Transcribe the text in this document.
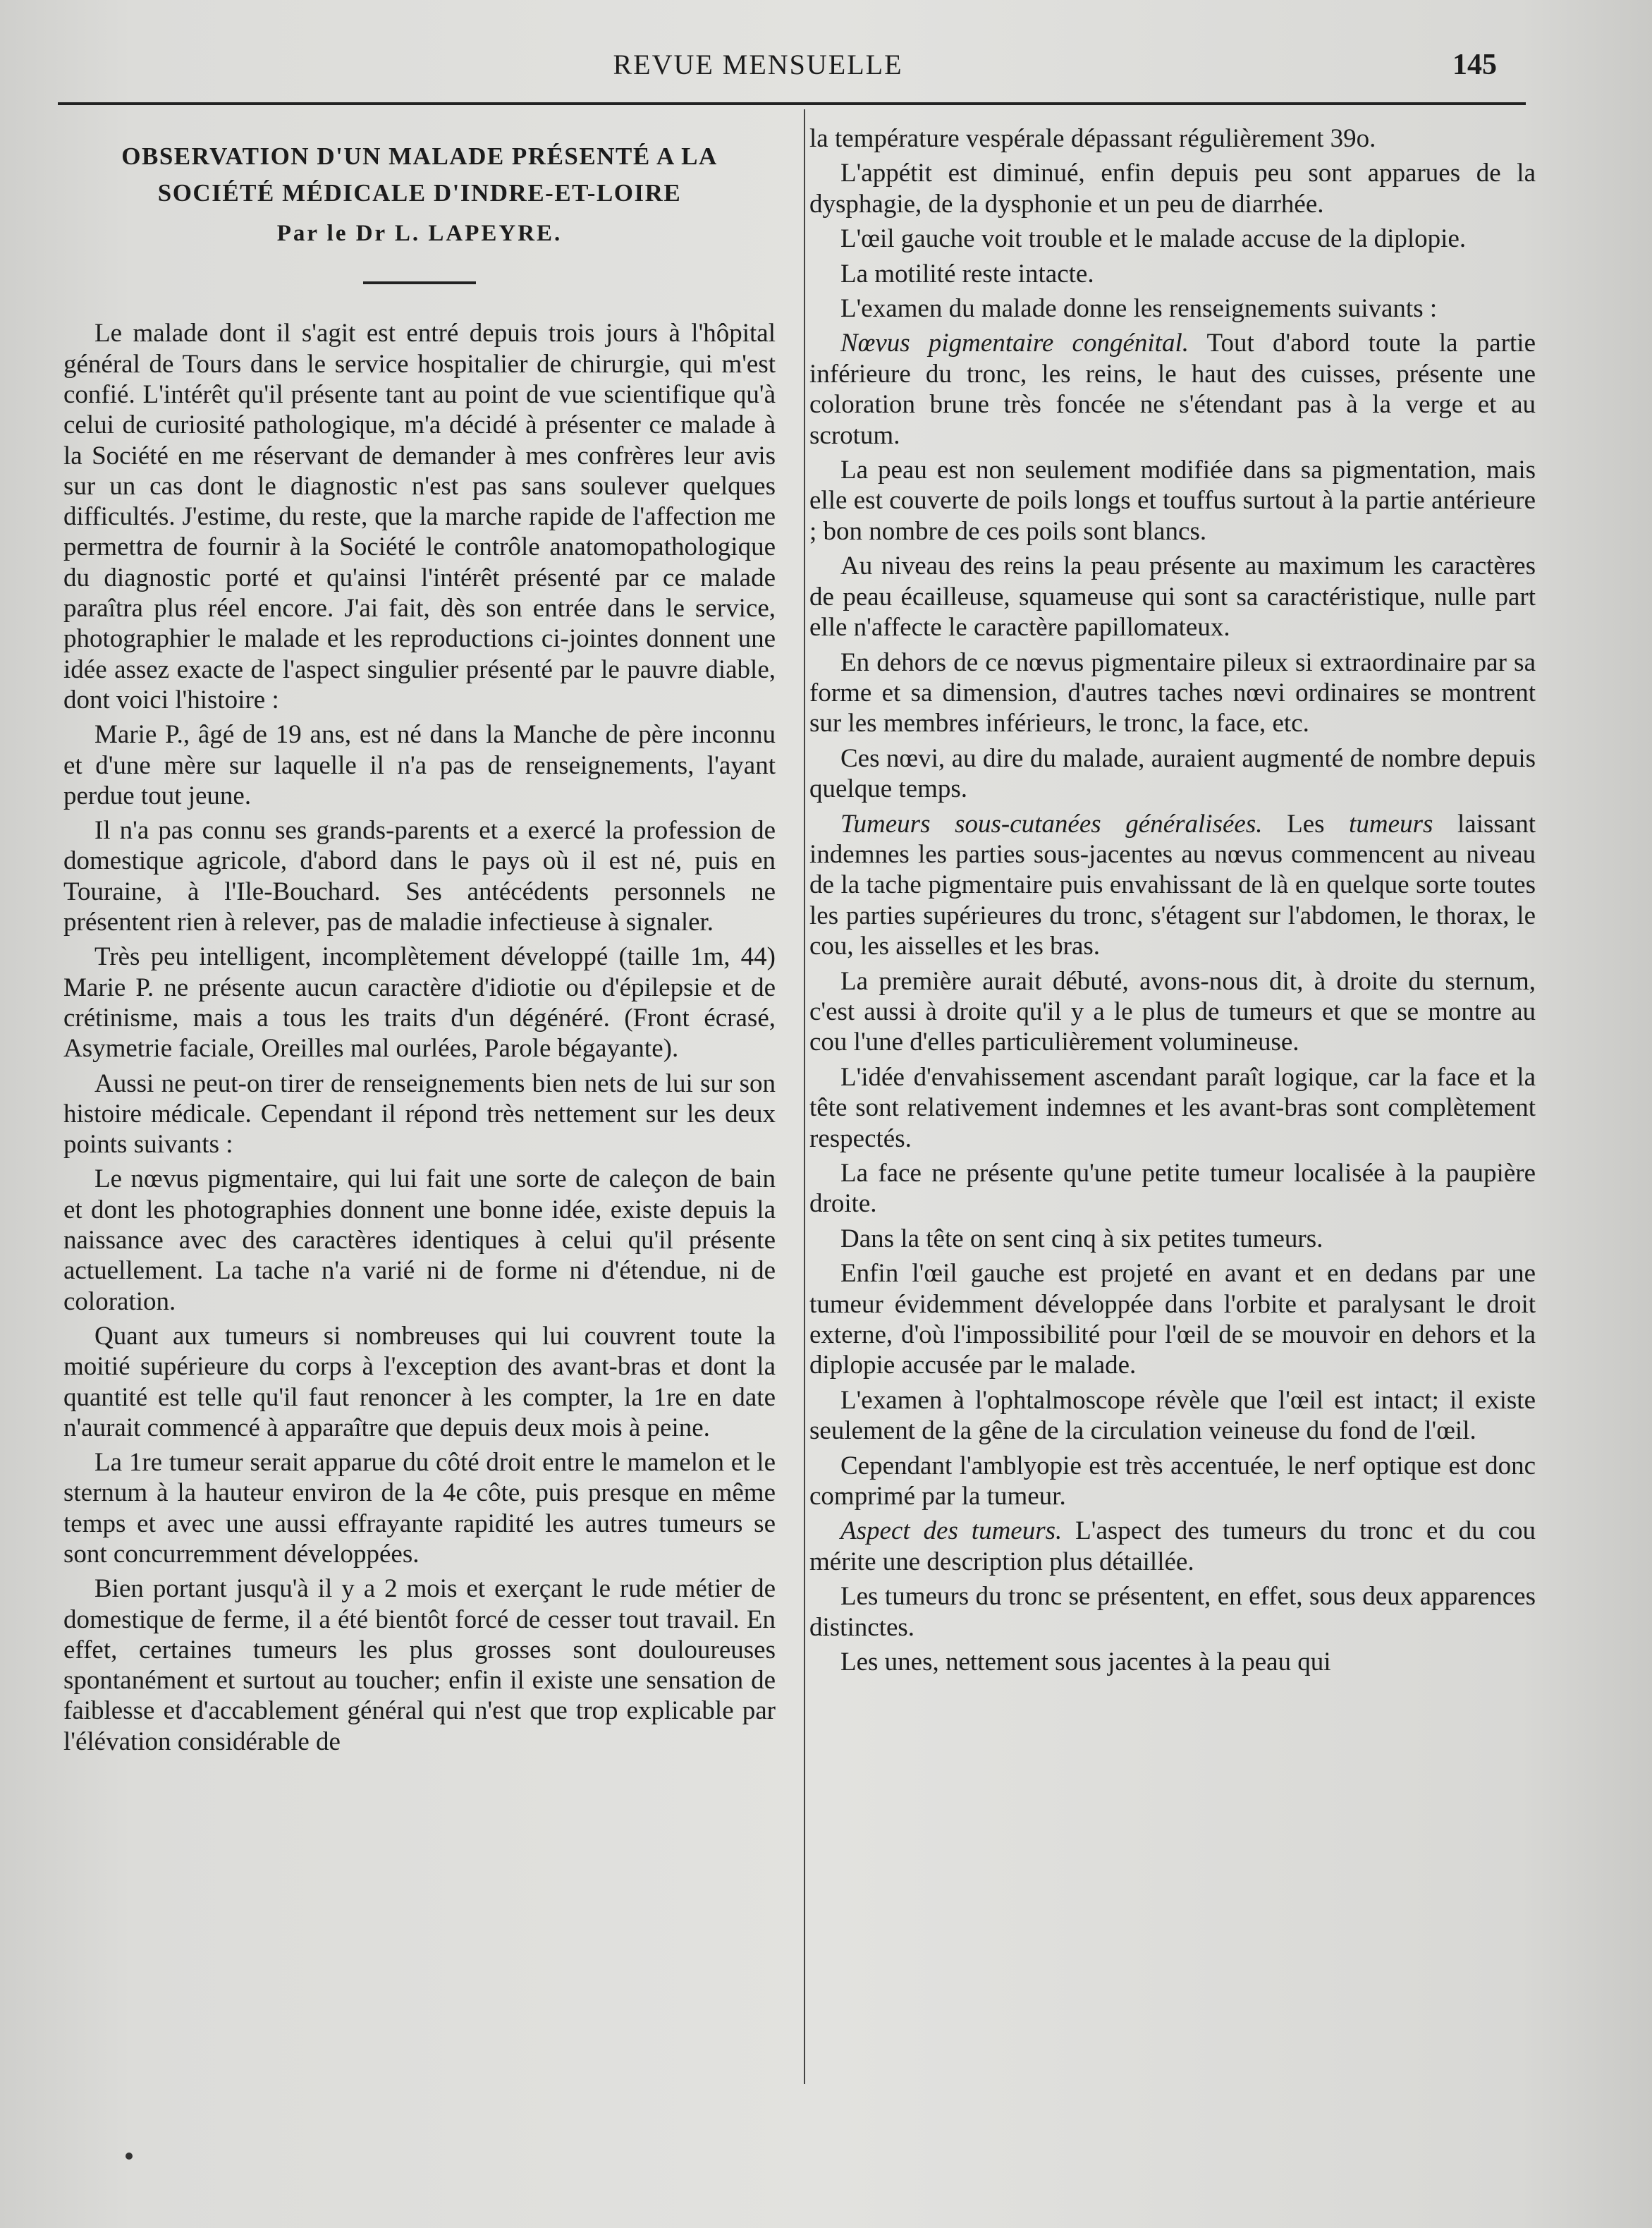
REVUE MENSUELLE	145
OBSERVATION D'UN MALADE PRÉSENTÉ A LA
SOCIÉTÉ MÉDICALE D'INDRE-ET-LOIRE
Par le Dr L. LAPEYRE.

Le malade dont il s'agit est entré depuis trois jours à l'hôpital général de Tours dans le service hospitalier de chirurgie, qui m'est confié. L'intérêt qu'il présente tant au point de vue scientifique qu'à celui de curiosité pathologique, m'a décidé à présenter ce malade à la Société en me réservant de demander à mes confrères leur avis sur un cas dont le diagnostic n'est pas sans soulever quelques difficultés. J'estime, du reste, que la marche rapide de l'affection me permettra de fournir à la Société le contrôle anatomopathologique du diagnostic porté et qu'ainsi l'intérêt présenté par ce malade paraîtra plus réel encore. J'ai fait, dès son entrée dans le service, photographier le malade et les reproductions ci-jointes donnent une idée assez exacte de l'aspect singulier présenté par le pauvre diable, dont voici l'histoire :

Marie P., âgé de 19 ans, est né dans la Manche de père inconnu et d'une mère sur laquelle il n'a pas de renseignements, l'ayant perdue tout jeune.

Il n'a pas connu ses grands-parents et a exercé la profession de domestique agricole, d'abord dans le pays où il est né, puis en Touraine, à l'Ile-Bouchard. Ses antécédents personnels ne présentent rien à relever, pas de maladie infectieuse à signaler.

Très peu intelligent, incomplètement développé (taille 1m, 44) Marie P. ne présente aucun caractère d'idiotie ou d'épilepsie et de crétinisme, mais a tous les traits d'un dégénéré. (Front écrasé, Asymetrie faciale, Oreilles mal ourlées, Parole bégayante).

Aussi ne peut-on tirer de renseignements bien nets de lui sur son histoire médicale. Cependant il répond très nettement sur les deux points suivants :

Le nœvus pigmentaire, qui lui fait une sorte de caleçon de bain et dont les photographies donnent une bonne idée, existe depuis la naissance avec des caractères identiques à celui qu'il présente actuellement. La tache n'a varié ni de forme ni d'étendue, ni de coloration.

Quant aux tumeurs si nombreuses qui lui couvrent toute la moitié supérieure du corps à l'exception des avant-bras et dont la quantité est telle qu'il faut renoncer à les compter, la 1re en date n'aurait commencé à apparaître que depuis deux mois à peine.

La 1re tumeur serait apparue du côté droit entre le mamelon et le sternum à la hauteur environ de la 4e côte, puis presque en même temps et avec une aussi effrayante rapidité les autres tumeurs se sont concurremment développées.

Bien portant jusqu'à il y a 2 mois et exerçant le rude métier de domestique de ferme, il a été bientôt forcé de cesser tout travail. En effet, certaines tumeurs les plus grosses sont douloureuses spontanément et surtout au toucher; enfin il existe une sensation de faiblesse et d'accablement général qui n'est que trop explicable par l'élévation considérable de

la température vespérale dépassant régulièrement 39o.

L'appétit est diminué, enfin depuis peu sont apparues de la dysphagie, de la dysphonie et un peu de diarrhée.

L'œil gauche voit trouble et le malade accuse de la diplopie.

La motilité reste intacte.

L'examen du malade donne les renseignements suivants :

Nœvus pigmentaire congénital. Tout d'abord toute la partie inférieure du tronc, les reins, le haut des cuisses, présente une coloration brune très foncée ne s'étendant pas à la verge et au scrotum.

La peau est non seulement modifiée dans sa pigmentation, mais elle est couverte de poils longs et touffus surtout à la partie antérieure ; bon nombre de ces poils sont blancs.

Au niveau des reins la peau présente au maximum les caractères de peau écailleuse, squameuse qui sont sa caractéristique, nulle part elle n'affecte le caractère papillomateux.

En dehors de ce nœvus pigmentaire pileux si extraordinaire par sa forme et sa dimension, d'autres taches nœvi ordinaires se montrent sur les membres inférieurs, le tronc, la face, etc.

Ces nœvi, au dire du malade, auraient augmenté de nombre depuis quelque temps.

Tumeurs sous-cutanées généralisées. Les tumeurs laissant indemnes les parties sous-jacentes au nœvus commencent au niveau de la tache pigmentaire puis envahissant de là en quelque sorte toutes les parties supérieures du tronc, s'étagent sur l'abdomen, le thorax, le cou, les aisselles et les bras.

La première aurait débuté, avons-nous dit, à droite du sternum, c'est aussi à droite qu'il y a le plus de tumeurs et que se montre au cou l'une d'elles particulièrement volumineuse.

L'idée d'envahissement ascendant paraît logique, car la face et la tête sont relativement indemnes et les avant-bras sont complètement respectés.

La face ne présente qu'une petite tumeur localisée à la paupière droite.

Dans la tête on sent cinq à six petites tumeurs.

Enfin l'œil gauche est projeté en avant et en dedans par une tumeur évidemment développée dans l'orbite et paralysant le droit externe, d'où l'impossibilité pour l'œil de se mouvoir en dehors et la diplopie accusée par le malade.

L'examen à l'ophtalmoscope révèle que l'œil est intact; il existe seulement de la gêne de la circulation veineuse du fond de l'œil.

Cependant l'amblyopie est très accentuée, le nerf optique est donc comprimé par la tumeur.

Aspect des tumeurs. L'aspect des tumeurs du tronc et du cou mérite une description plus détaillée.

Les tumeurs du tronc se présentent, en effet, sous deux apparences distinctes.

Les unes, nettement sous jacentes à la peau qui
